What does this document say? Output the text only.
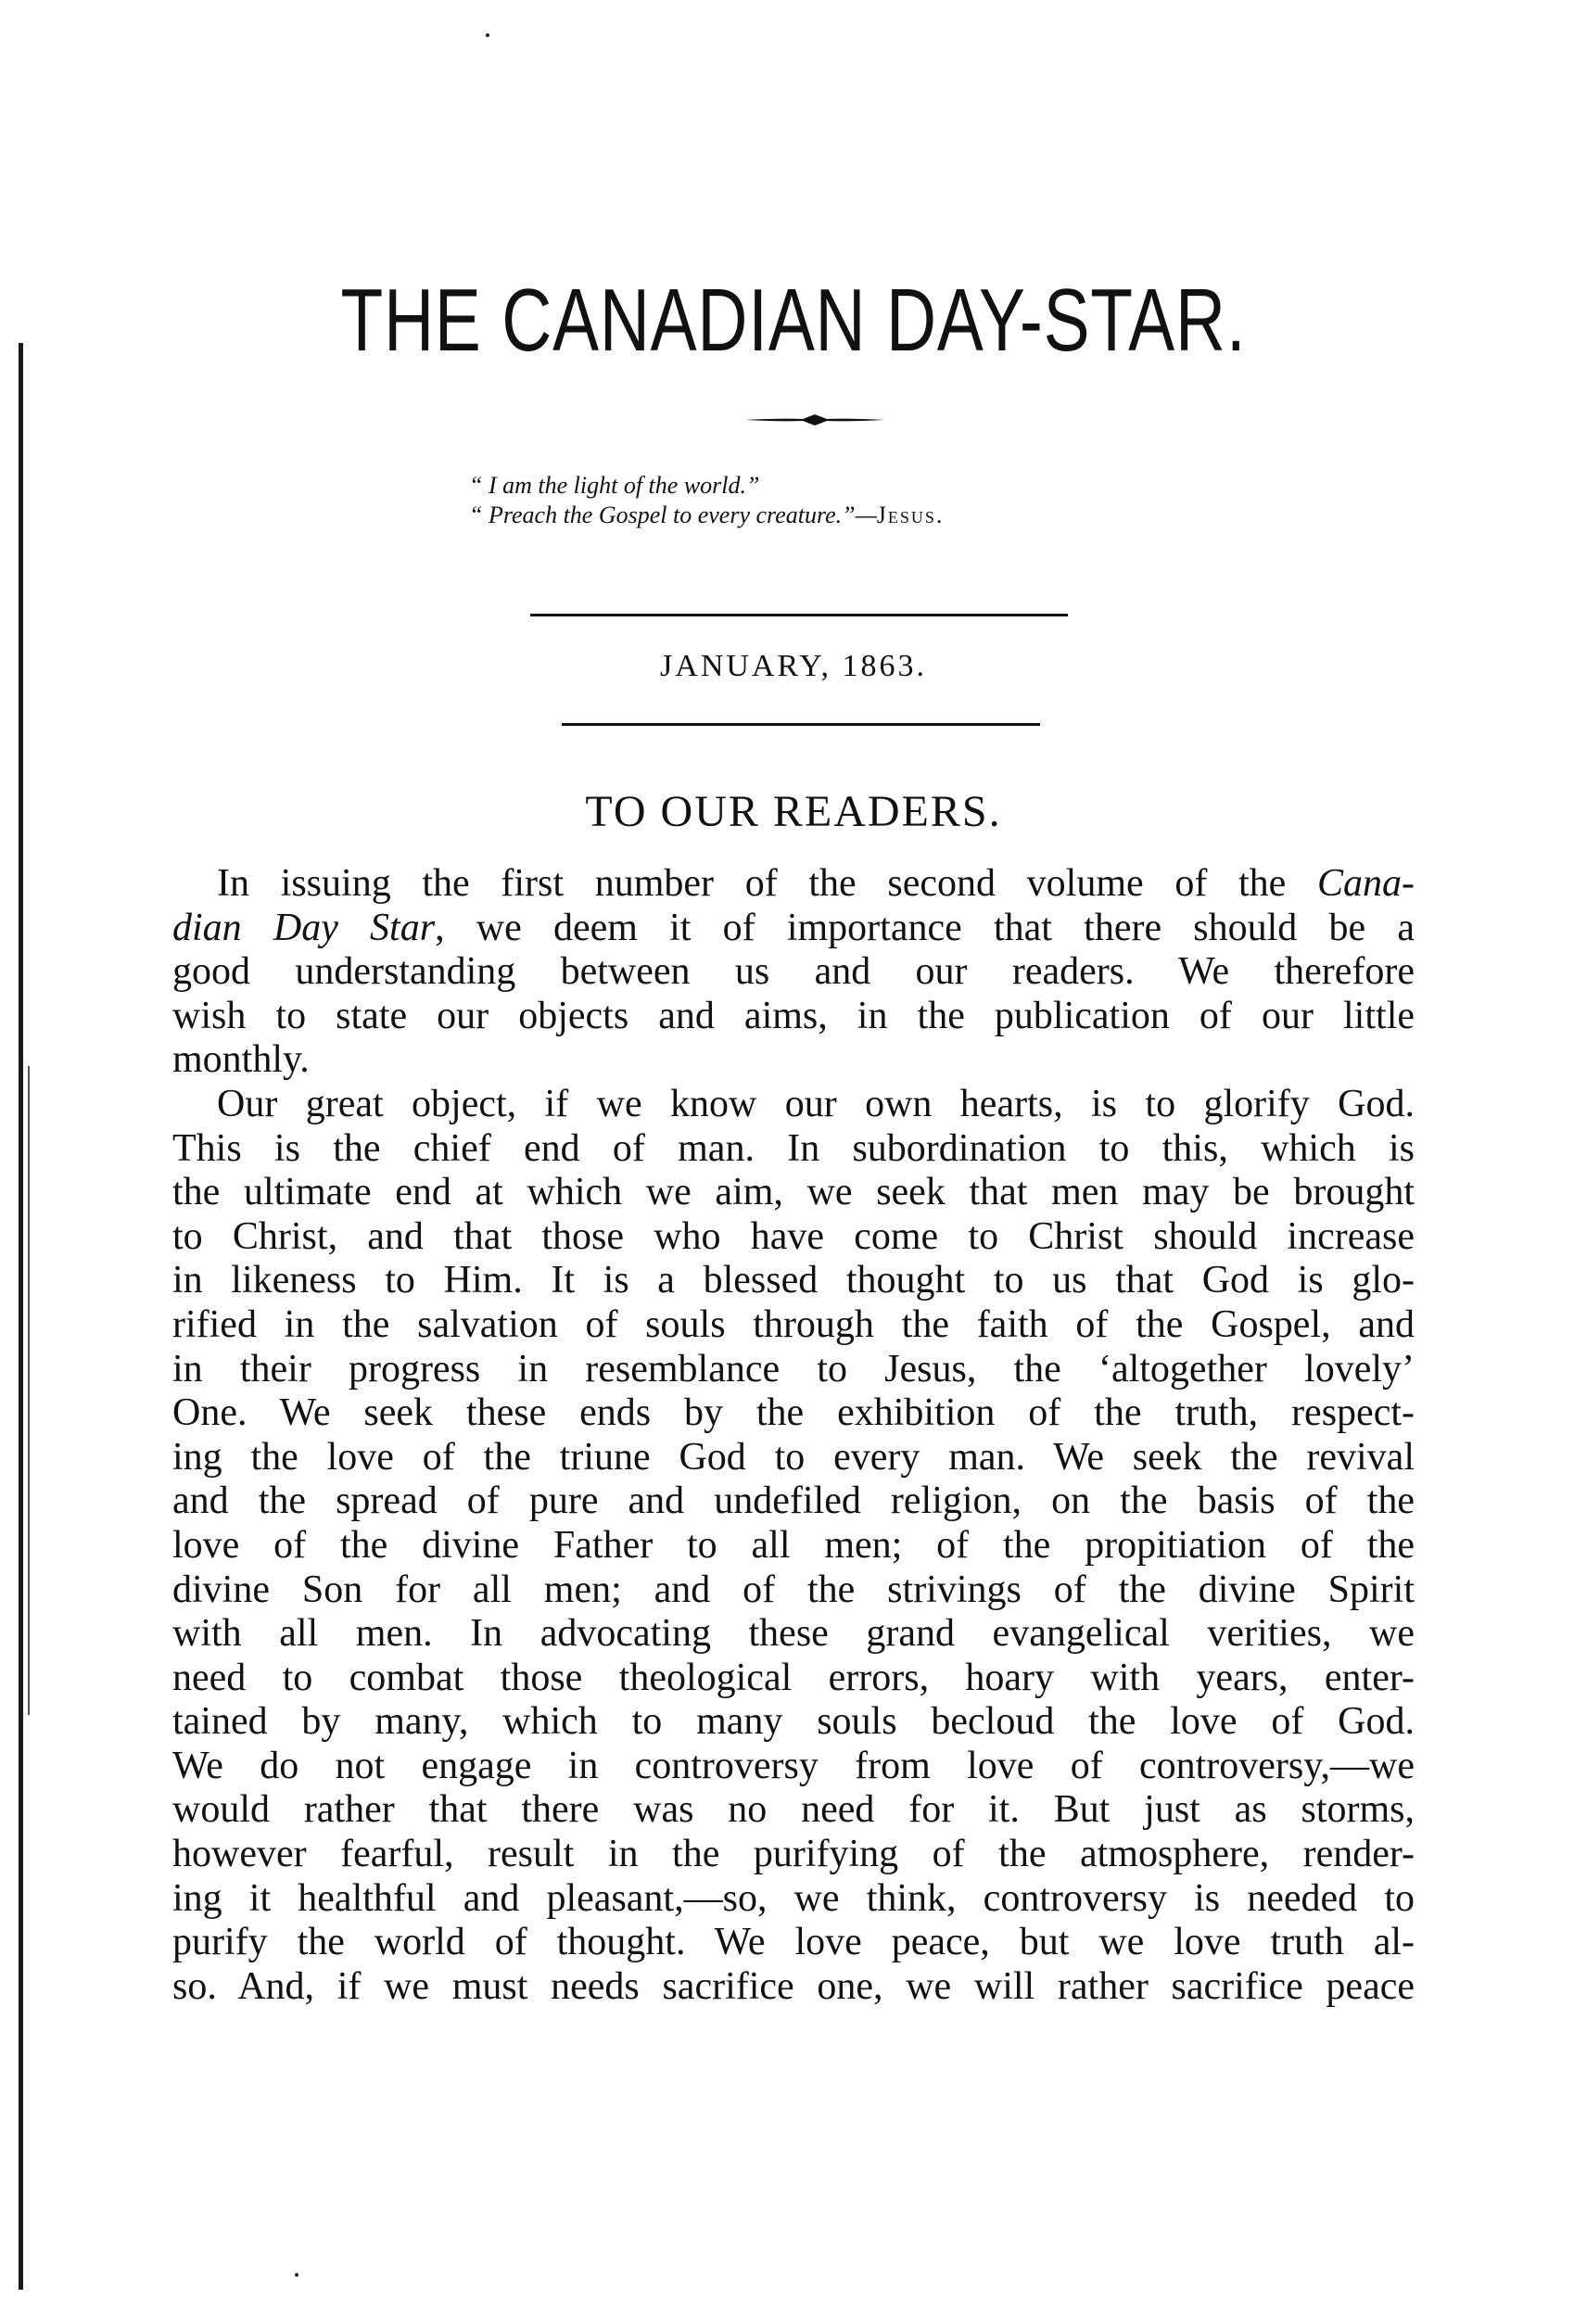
THE CANADIAN DAY-STAR.
“ I am the light of the world.”
“ Preach the Gospel to every creature.”—Jesus.
JANUARY, 1863.
TO OUR READERS.
In issuing the first number of the second volume of the Cana-
dian Day Star, we deem it of importance that there should be a
good understanding between us and our readers. We therefore
wish to state our objects and aims, in the publication of our little
monthly.
Our great object, if we know our own hearts, is to glorify God.
This is the chief end of man. In subordination to this, which is
the ultimate end at which we aim, we seek that men may be brought
to Christ, and that those who have come to Christ should increase
in likeness to Him. It is a blessed thought to us that God is glo-
rified in the salvation of souls through the faith of the Gospel, and
in their progress in resemblance to Jesus, the ‘altogether lovely’
One. We seek these ends by the exhibition of the truth, respect-
ing the love of the triune God to every man. We seek the revival
and the spread of pure and undefiled religion, on the basis of the
love of the divine Father to all men; of the propitiation of the
divine Son for all men; and of the strivings of the divine Spirit
with all men. In advocating these grand evangelical verities, we
need to combat those theological errors, hoary with years, enter-
tained by many, which to many souls becloud the love of God.
We do not engage in controversy from love of controversy,—we
would rather that there was no need for it. But just as storms,
however fearful, result in the purifying of the atmosphere, render-
ing it healthful and pleasant,—so, we think, controversy is needed to
purify the world of thought. We love peace, but we love truth al-
so. And, if we must needs sacrifice one, we will rather sacrifice peace
